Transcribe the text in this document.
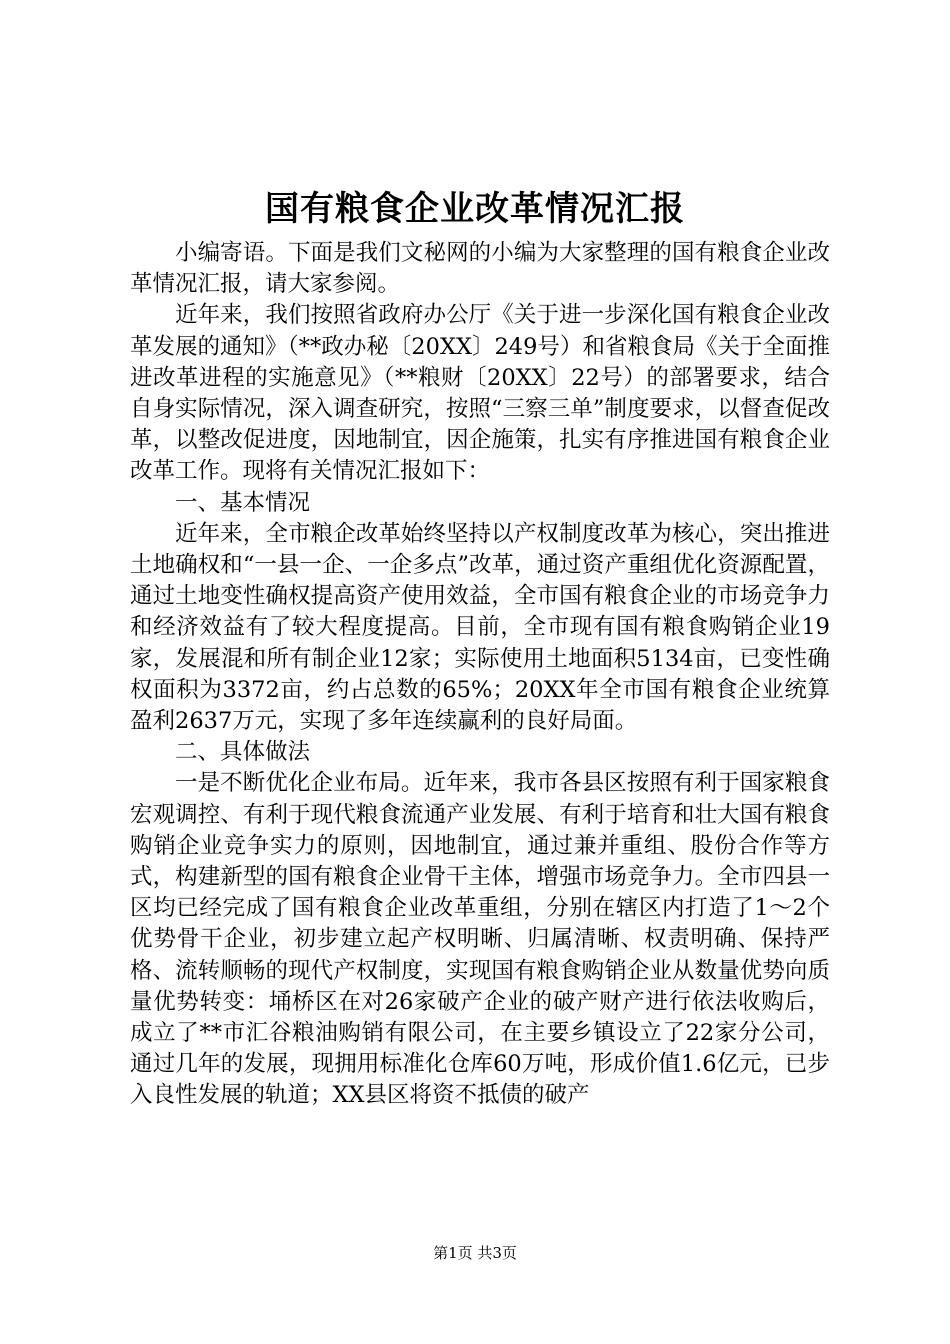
国有粮食企业改革情况汇报

小编寄语。下面是我们文秘网的小编为大家整理的国有粮食企业改革情况汇报，请大家参阅。

近年来，我们按照省政府办公厅《关于进一步深化国有粮食企业改革发展的通知》（**政办秘〔20XX〕249号）和省粮食局《关于全面推进改革进程的实施意见》（**粮财〔20XX〕22号）的部署要求，结合自身实际情况，深入调查研究，按照“三察三单”制度要求，以督查促改革，以整改促进度，因地制宜，因企施策，扎实有序推进国有粮食企业改革工作。现将有关情况汇报如下：

一、基本情况

近年来，全市粮企改革始终坚持以产权制度改革为核心，突出推进土地确权和“一县一企、一企多点”改革，通过资产重组优化资源配置，通过土地变性确权提高资产使用效益，全市国有粮食企业的市场竞争力和经济效益有了较大程度提高。目前，全市现有国有粮食购销企业19家，发展混和所有制企业12家；实际使用土地面积5134亩，已变性确权面积为3372亩，约占总数的65%；20XX年全市国有粮食企业统算盈利2637万元，实现了多年连续赢利的良好局面。

二、具体做法

一是不断优化企业布局。近年来，我市各县区按照有利于国家粮食宏观调控、有利于现代粮食流通产业发展、有利于培育和壮大国有粮食购销企业竞争实力的原则，因地制宜，通过兼并重组、股份合作等方式，构建新型的国有粮食企业骨干主体，增强市场竞争力。全市四县一区均已经完成了国有粮食企业改革重组，分别在辖区内打造了1～2个优势骨干企业，初步建立起产权明晰、归属清晰、权责明确、保持严格、流转顺畅的现代产权制度，实现国有粮食购销企业从数量优势向质量优势转变：埇桥区在对26家破产企业的破产财产进行依法收购后，成立了**市汇谷粮油购销有限公司，在主要乡镇设立了22家分公司，通过几年的发展，现拥用标准化仓库60万吨，形成价值1.6亿元，已步入良性发展的轨道；XX县区将资不抵债的破产

第1页 共3页
